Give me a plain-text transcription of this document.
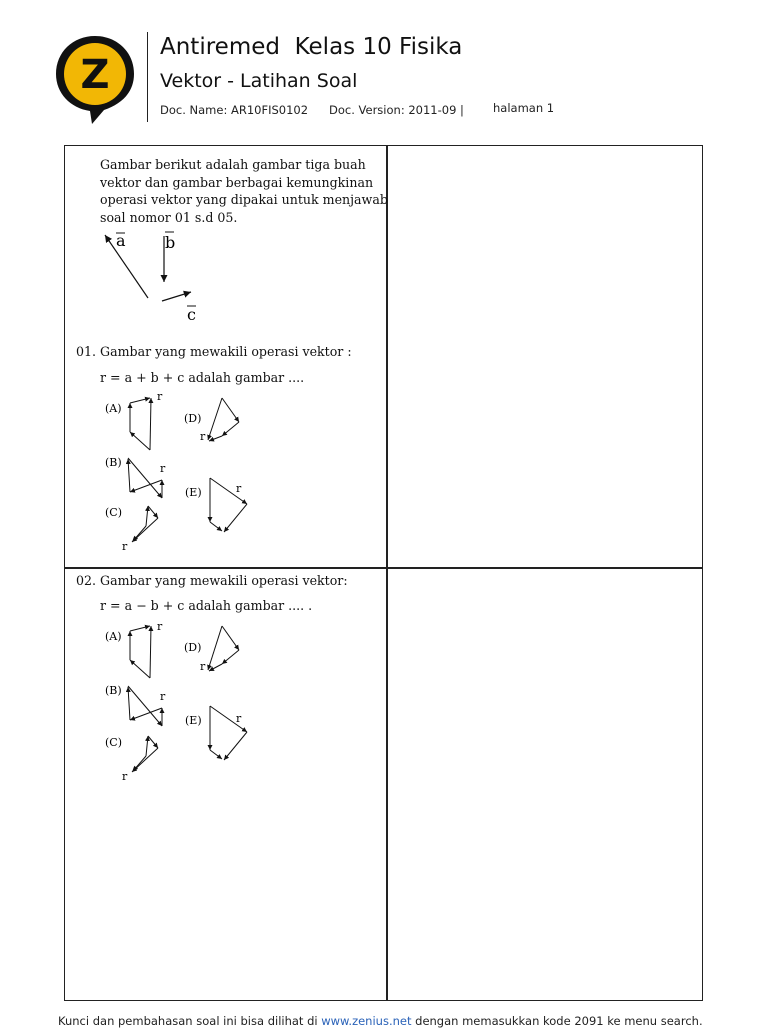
Z
Antiremed  Kelas 10 Fisika
Vektor - Latihan Soal
Doc. Name: AR10FIS0102 Doc. Version: 2011-09 |	halaman 1
Gambar berikut adalah gambar tiga buah
vektor dan gambar berbagai kemungkinan
operasi vektor yang dipakai untuk menjawab
soal nomor 01 s.d 05.
a b
c
01. Gambar yang mewakili operasi vektor :
r = a + b + c adalah gambar ....
(A)
r
(D)
r
(B)	r
(E)	r
(C)
r
02. Gambar yang mewakili operasi vektor:
r = a − b + c adalah gambar .... .
(A)
r
(D)
r
(B)	r
(E)	r
(C)
r
Kunci dan pembahasan soal ini bisa dilihat di www.zenius.net dengan memasukkan kode 2091 ke menu search.
